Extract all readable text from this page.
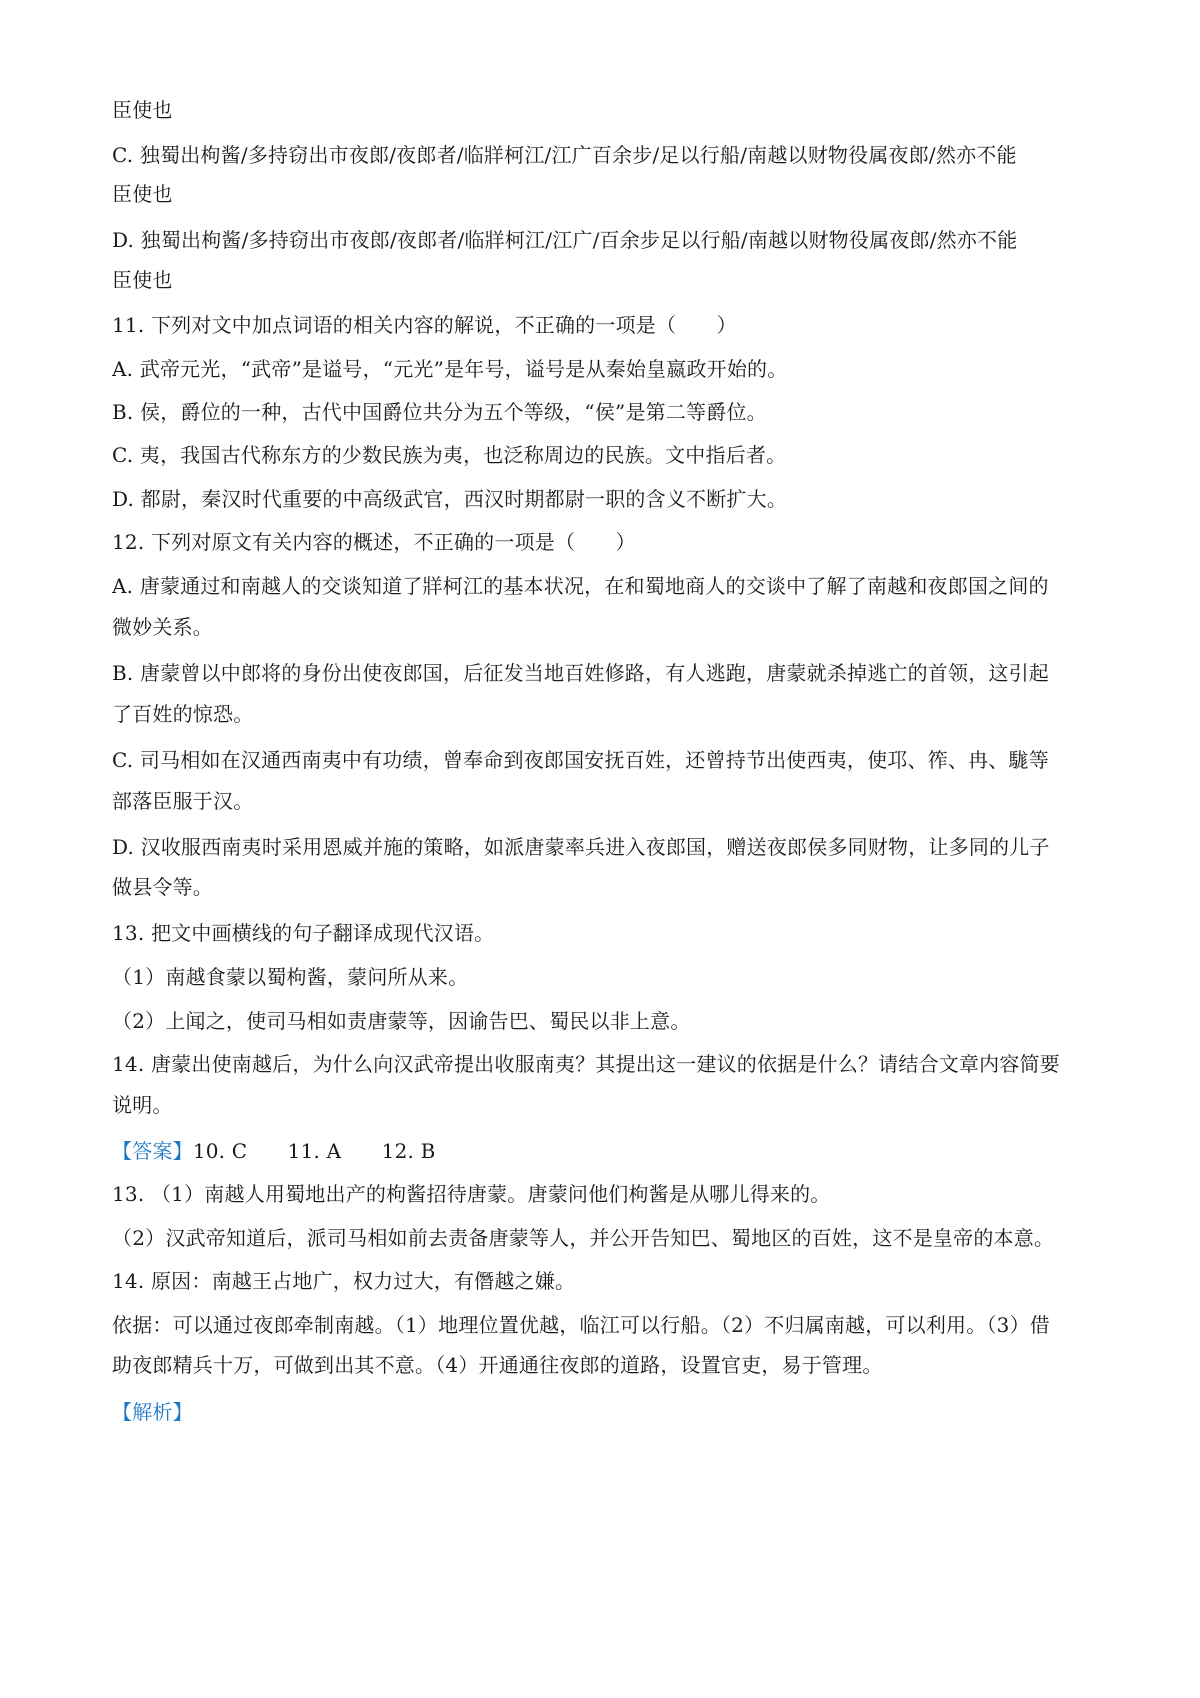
臣使也
C. 独蜀出枸酱/多持窃出市夜郎/夜郎者/临牂柯江/江广百余步/足以行船/南越以财物役属夜郎/然亦不能
臣使也
D. 独蜀出枸酱/多持窃出市夜郎/夜郎者/临牂柯江/江广/百余步足以行船/南越以财物役属夜郎/然亦不能
臣使也
11. 下列对文中加点词语的相关内容的解说，不正确的一项是（　　）
A. 武帝元光，“武帝”是谥号，“元光”是年号，谥号是从秦始皇嬴政开始的。
B. 侯，爵位的一种，古代中国爵位共分为五个等级，“侯”是第二等爵位。
C. 夷，我国古代称东方的少数民族为夷，也泛称周边的民族。文中指后者。
D. 都尉，秦汉时代重要的中高级武官，西汉时期都尉一职的含义不断扩大。
12. 下列对原文有关内容的概述，不正确的一项是（　　）
A. 唐蒙通过和南越人的交谈知道了牂柯江的基本状况，在和蜀地商人的交谈中了解了南越和夜郎国之间的
微妙关系。
B. 唐蒙曾以中郎将的身份出使夜郎国，后征发当地百姓修路，有人逃跑，唐蒙就杀掉逃亡的首领，这引起
了百姓的惊恐。
C. 司马相如在汉通西南夷中有功绩，曾奉命到夜郎国安抚百姓，还曾持节出使西夷，使邛、筰、冉、駹等
部落臣服于汉。
D. 汉收服西南夷时采用恩威并施的策略，如派唐蒙率兵进入夜郎国，赠送夜郎侯多同财物，让多同的儿子
做县令等。
13. 把文中画横线的句子翻译成现代汉语。
（1）南越食蒙以蜀枸酱，蒙问所从来。
（2）上闻之，使司马相如责唐蒙等，因谕告巴、蜀民以非上意。
14. 唐蒙出使南越后，为什么向汉武帝提出收服南夷？其提出这一建议的依据是什么？请结合文章内容简要
说明。
【答案】10. C　　11. A　　12. B
13. （1）南越人用蜀地出产的枸酱招待唐蒙。唐蒙问他们枸酱是从哪儿得来的。
（2）汉武帝知道后，派司马相如前去责备唐蒙等人，并公开告知巴、蜀地区的百姓，这不是皇帝的本意。
14. 原因：南越王占地广，权力过大，有僭越之嫌。
依据：可以通过夜郎牵制南越。（1）地理位置优越，临江可以行船。（2）不归属南越，可以利用。（3）借
助夜郎精兵十万，可做到出其不意。（4）开通通往夜郎的道路，设置官吏，易于管理。
【解析】
